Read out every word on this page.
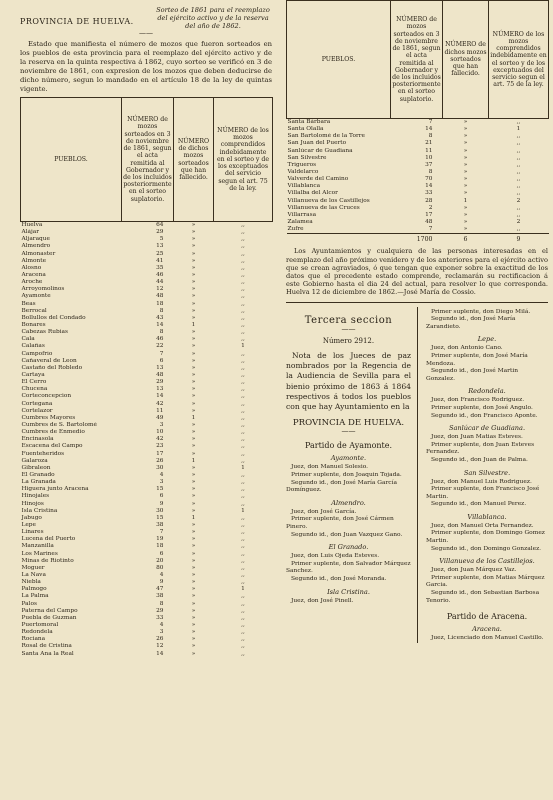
PROVINCIA DE HUELVA.
Sorteo de 1861 para el reemplazo del ejército activo y de la reserva del año de 1862.
——
Estado que manifiesta el número de mozos que fueron sorteados en los pueblos de esta provincia para el reemplazo del ejército activo y de la reserva en la quinta respectiva á 1862, cuyo sorteo se verificó en 3 de noviembre de 1861, con expresion de los mozos que deben deducirse de dicho número, segun lo mandado en el artículo 18 de la ley de quintas vigente.
PUEBLOS.	NÚMERO de mozos sorteados en 3 de noviembre de 1861, segun el acta remitida al Gobernador y de los incluidos posteriormente en el sorteo suplatorio.	NÚMERO de dichos mozos sorteados que han fallecido.	NÚMERO de los mozos comprendidos indebidamente en el sorteo y de los exceptuados del servicio segun el art. 75 de la ley.
Huelva	64	»	,,
Alájar	29	»	,,
Aljaraque	5	»	,,
Almendro	13	»	,,
Almonaster	25	»	,,
Almonte	41	»	,,
Alosno	35	»	,,
Aracena	46	»	,,
Aroche	44	»	,,
Arroyomolinos	12	»	,,
Ayamonte	48	»	,,
Beas	18	»	,,
Berrocal	8	»	,,
Bollullos del Condado	43	»	,,
Bonares	14	1	,,
Cabezas Rubias	8	»	,,
Cala	46	»	,,
Calañas	22	»	1
Campofrío	7	»	,,
Cañaveral de Leon	6	»	,,
Castaño del Robledo	13	»	,,
Cartaya	48	»	,,
El Cerro	29	»	,,
Chucena	13	»	,,
Corteconcepcion	14	»	,,
Cortegana	42	»	,,
Cortelazor	11	»	,,
Cumbres Mayores	49	1	,,
Cumbres de S. Bartolomé	3	»	,,
Cumbres de Enmedio	10	»	,,
Encinasola	42	»	,,
Escacena del Campo	23	»	,,
Fuenteheridos	17	»	,,
Galaroza	26	1	,,
Gibraleon	30	»	1
El Granado	4	»	,,
La Granada	3	»	,,
Higuera junto Aracena	15	»	,,
Hinojales	6	»	,,
Hinojos	9	»	,,
Isla Cristina	30	»	1
Jabugo	15	1	,,
Lepe	38	»	,,
Linares	7	»	,,
Lucena del Puerto	19	»	,,
Manzanilla	18	»	,,
Los Marines	6	»	,,
Minas de Riotinto	20	»	,,
Moguer	80	»	,,
La Nava	4	»	,,
Niebla	9	»	,,
Palmogo	47	»	1
La Palma	38	»	,,
Palos	8	»	,,
Paterna del Campo	29	»	,,
Puebla de Guzman	33	»	,,
Puertomoral	4	»	,,
Redondela	3	»	,,
Rociana	26	»	,,
Rosal de Cristina	12	»	,,
Santa Ana la Real	14	»	,,
PUEBLOS.	NÚMERO de mozos sorteados en 3 de noviembre de 1861, segun el acta remitida al Gobernador y de los incluidos posteriormente en el sorteo suplatorio.	NÚMERO de dichos mozos sorteados que han fallecido.	NÚMERO de los mozos comprendidos indebidamente en el sorteo y de los exceptuados del servicio segun el art. 75 de la ley.
Santa Bárbara	7	»	,,
Santa Olalla	14	»	1
San Bartolomé de la Torre	8	»	,,
San Juan del Puerto	21	»	,,
Sanlúcar de Guadiana	11	»	,,
San Silvestre	10	»	,,
Trigueros	37	»	,,
Valdelarco	8	»	,,
Valverde del Camino	70	»	,,
Villablanca	14	»	,,
Villalba del Alcor	33	»	,,
Villanueva de los Castillejos	28	1	2
Villanueva de las Cruces	2	»	,,
Villarrasa	17	»	,,
Zalamea	48	»	2
Zufre	7	»	,,
	1700	6	9
Los Ayuntamientos y cualquiera de las personas interesadas en el reemplazo del año próximo venidero y de los anteriores para el ejército activo que se crean agraviados, ó que tengan que exponer sobre la exactitud de los datos que el precedente estado comprende, reclamarán su rectificacion á este Gobierno hasta el dia 24 del actual, para resolver lo que corresponda. Huelva 12 de diciembre de 1862.—José María de Cossio.
Tercera seccion
——
Número 2912.
Nota de los Jueces de paz nombrados por la Regencia de la Audiencia de Sevilla para el bienio próximo de 1863 á 1864 respectivos á todos los pueblos con que hay Ayuntamiento en la
PROVINCIA DE HUELVA.
——
Partido de Ayamonte.
Ayamonte.
Juez, don Manuel Solesio.
Primer suplente, don Joaquin Tojada.
Segundo id., don José María García Domínguez.
Almendro.
Juez, don José García.
Primer suplente, don José Cármen Pinero.
Segundo id., don Juan Vazquez Gano.
El Granado.
Juez, don Luis Ojeda Esteves.
Primer suplente, don Salvador Márquez Sanchez.
Segundo id., don José Moranda.
Isla Cristina.
Juez, don José Pinell.
Primer suplente, don Diego Milá.
Segundo id., don José María Zarandieto.
Lepe.
Juez, don Antonio Cano.
Primer suplente, don José María Mendoza.
Segundo id., don José Martin Gonzalez.
Redondela.
Juez, don Francisco Rodriguez.
Primer suplente, don José Angulo.
Segundo id., don Francisco Aponte.
Sanlúcar de Guadiana.
Juez, don Juan Matias Esteves.
Primer suplente, don Juan Esteves Fernandez.
Segundo id., don Juan de Palma.
San Silvestre.
Juez, don Manuel Luis Rodriguez.
Primer suplente, don Francisco José Martin.
Segundo id., don Manuel Perez.
Villablanca.
Juez, don Manuel Orta Fernandez.
Primer suplente, don Domingo Gomez Martin.
Segundo id., don Domingo Gonzalez.
Villanueva de los Castillejos.
Juez, don Juan Márquez Vaz.
Primer suplente, don Matias Márquez Garcia.
Segundo id., don Sebastian Barbosa Tenorio.
Partido de Aracena.
Aracena.
Juez, Licenciado don Manuel Castillo.
